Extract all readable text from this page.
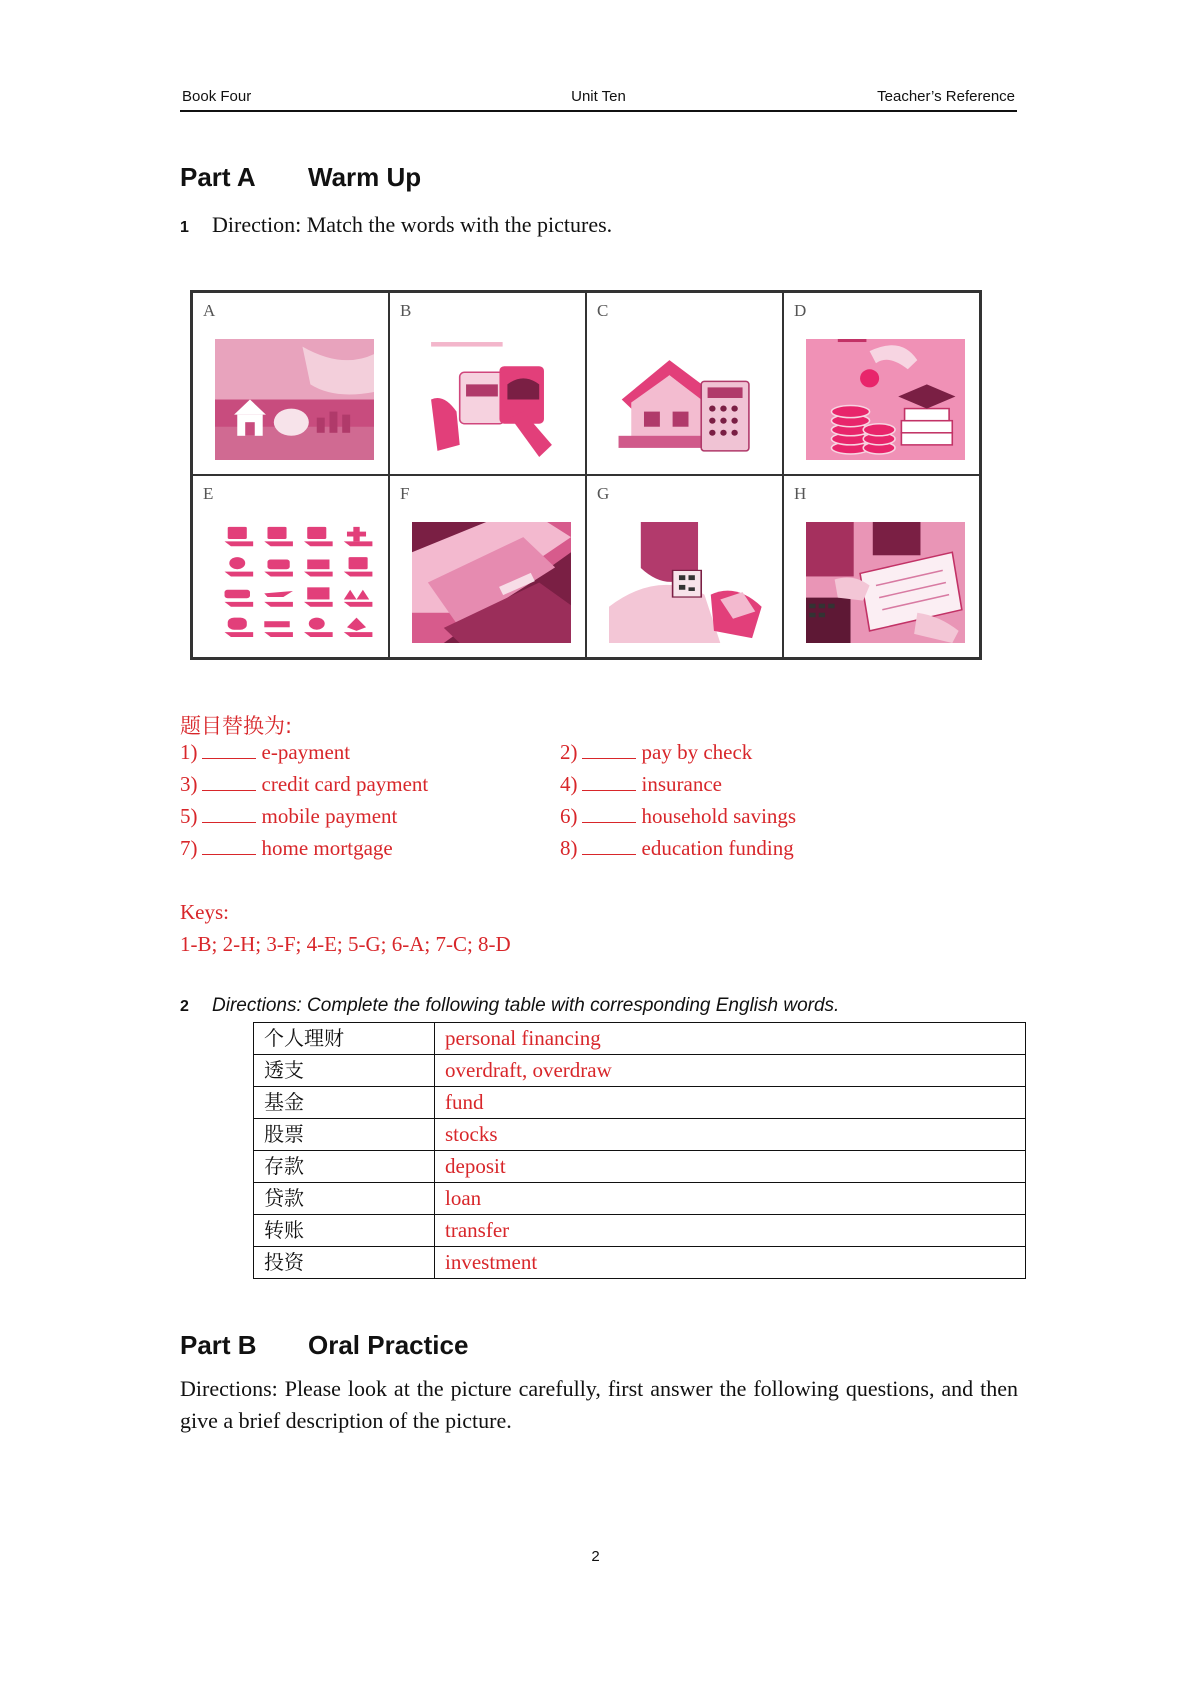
Book Four	Unit Ten	Teacher’s Reference
Part A Warm Up
1 Direction: Match the words with the pictures.
A	B	C	D
E	F	G	H
题目替换为:
1)	e-payment	2)	pay by check
3)	credit card payment	4)	insurance
5)	mobile payment	6)	household savings
7)	home mortgage	8)	education funding
Keys:
1-B; 2-H; 3-F; 4-E; 5-G; 6-A; 7-C; 8-D
2 Directions: Complete the following table with corresponding English words.
个人理财	personal financing
透支	overdraft, overdraw
基金	fund
股票	stocks
存款	deposit
贷款	loan
转账	transfer
投资	investment
Part B Oral Practice
Directions: Please look at the picture carefully, first answer the following questions, and then give a brief description of the picture.
2
